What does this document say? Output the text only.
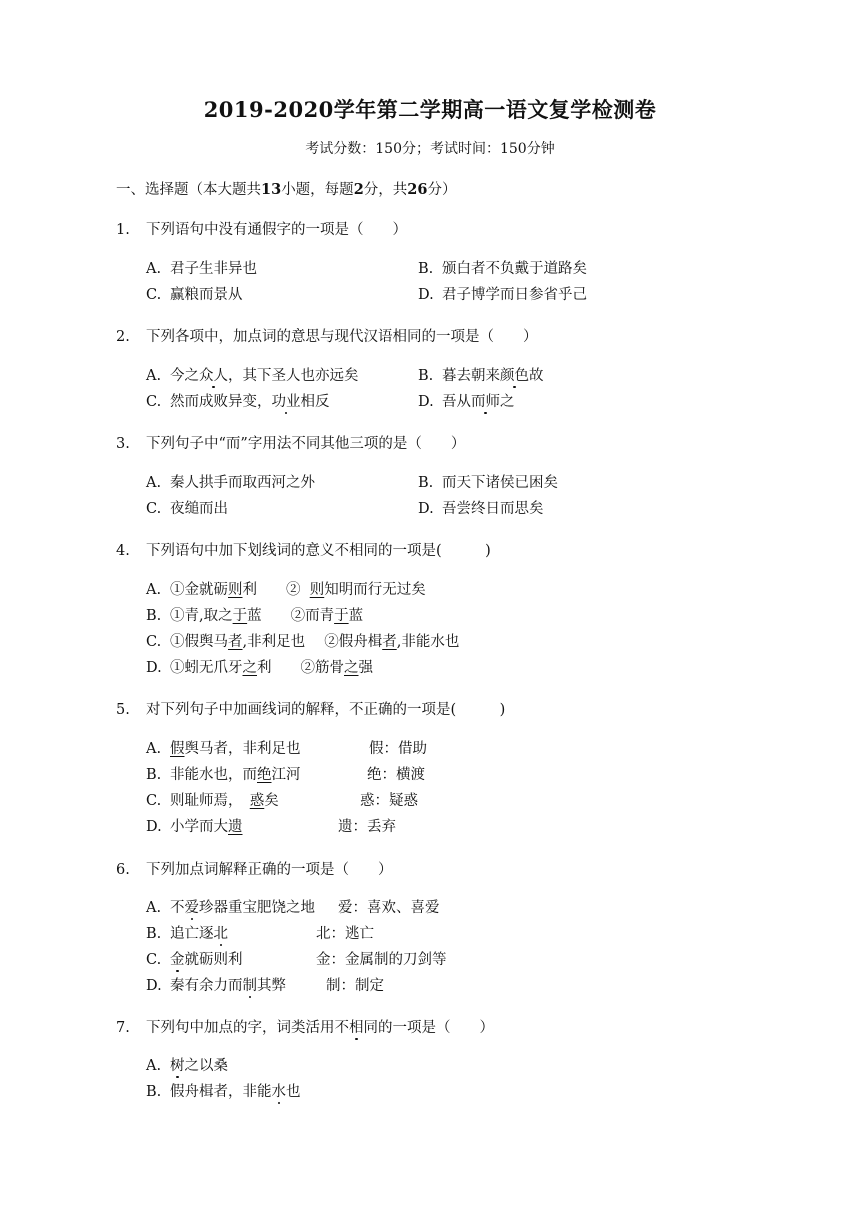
2019-2020学年第二学期高一语文复学检测卷
考试分数：150分；考试时间：150分钟
一、选择题（本大题共13小题，每题2分，共26分）
1. 下列语句中没有通假字的一项是（　　）
A. 君子生非异也	B. 颁白者不负戴于道路矣
C. 赢粮而景从	D. 君子博学而日参省乎己
2. 下列各项中，加点词的意思与现代汉语相同的一项是（　　）
A. 今之众人，其下圣人也亦远矣	B. 暮去朝来颜色故
C. 然而成败异变，功业相反	D. 吾从而师之
3. 下列句子中“而”字用法不同其他三项的是（　　）
A. 秦人拱手而取西河之外	B. 而天下诸侯已困矣
C. 夜缒而出	D. 吾尝终日而思矣
4. 下列语句中加下划线词的意义不相同的一项是(　　　)
A. ①金就砺则利　　②  则知明而行无过矣
B. ①青,取之于蓝　　②而青于蓝
C. ①假舆马者,非利足也　 ②假舟楫者,非能水也
D. ①蚓无爪牙之利　　②筋骨之强
5. 对下列句子中加画线词的解释，不正确的一项是(　　　)
A. 假舆马者，非利足也	假：借助
B. 非能水也，而绝江河	绝：横渡
C. 则耻师焉，　惑矣	惑：疑惑
D. 小学而大遗	遗：丢弃
6. 下列加点词解释正确的一项是（　　）
A. 不爱珍器重宝肥饶之地 爱：喜欢、喜爱
B. 追亡逐北	北：逃亡
C. 金就砺则利	金：金属制的刀剑等
D. 秦有余力而制其弊	制：制定
7. 下列句中加点的字，词类活用不相同的一项是（　　）
A. 树之以桑
B. 假舟楫者，非能水也
